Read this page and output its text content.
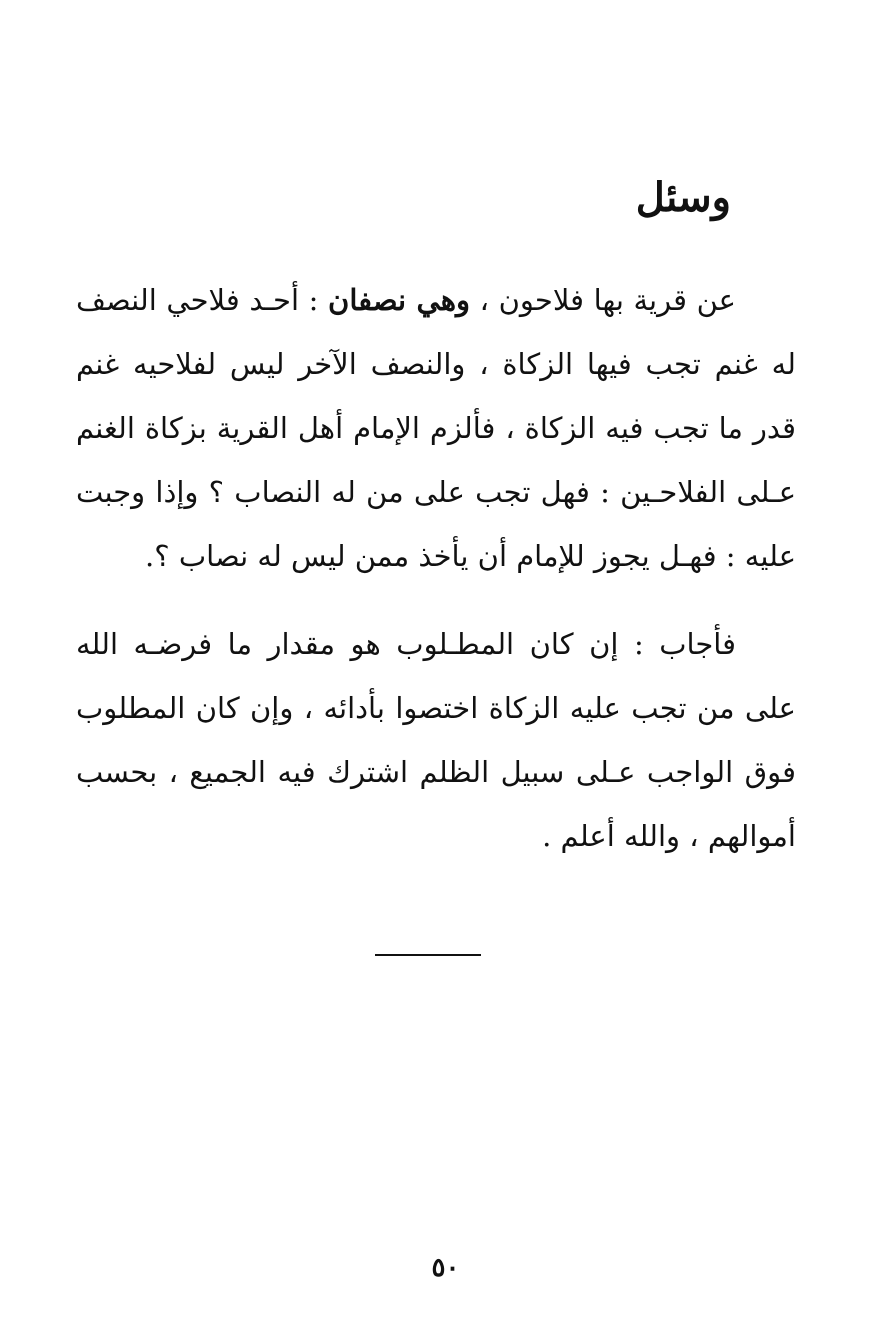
وسئل

عن قرية بها فلاحون ، وهي نصفان : أحـد فلاحي النصف له غنم تجب فيها الزكاة ، والنصف الآخر ليس لفلاحيه غنم قدر ما تجب فيه الزكاة ، فألزم الإمام أهل القرية بزكاة الغنم عـلى الفلاحـين : فهل تجب على من له النصاب ؟ وإذا وجبت عليه : فهـل يجوز للإمام أن يأخذ ممن ليس له نصاب ؟.

فأجاب : إن كان المطـلوب هو مقدار ما فرضـه الله على من تجب عليه الزكاة اختصوا بأدائه ، وإن كان المطلوب فوق الواجب عـلى سبيل الظلم اشترك فيه الجميع ، بحسب أموالهم ، والله أعلم .

٥٠
